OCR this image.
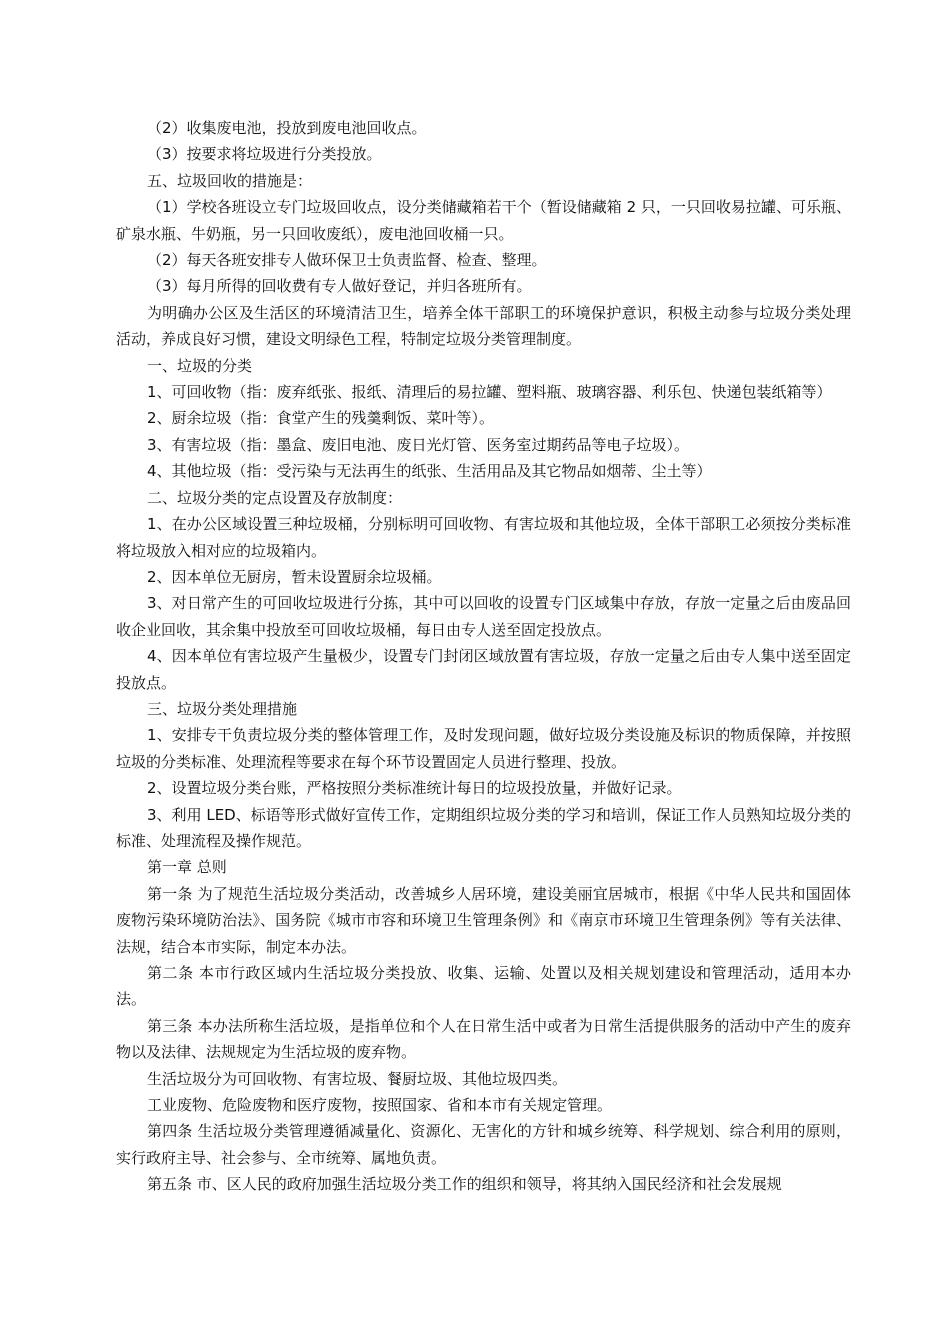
（2）收集废电池，投放到废电池回收点。

（3）按要求将垃圾进行分类投放。

五、垃圾回收的措施是：

（1）学校各班设立专门垃圾回收点，设分类储藏箱若干个（暂设储藏箱 2 只，一只回收易拉罐、可乐瓶、矿泉水瓶、牛奶瓶，另一只回收废纸），废电池回收桶一只。

（2）每天各班安排专人做环保卫士负责监督、检查、整理。

（3）每月所得的回收费有专人做好登记，并归各班所有。

为明确办公区及生活区的环境清洁卫生，培养全体干部职工的环境保护意识，积极主动参与垃圾分类处理活动，养成良好习惯，建设文明绿色工程，特制定垃圾分类管理制度。

一、垃圾的分类

1、可回收物（指：废弃纸张、报纸、清理后的易拉罐、塑料瓶、玻璃容器、利乐包、快递包装纸箱等）

2、厨余垃圾（指：食堂产生的残羹剩饭、菜叶等）。

3、有害垃圾（指：墨盒、废旧电池、废日光灯管、医务室过期药品等电子垃圾）。

4、其他垃圾（指：受污染与无法再生的纸张、生活用品及其它物品如烟蒂、尘土等）

二、垃圾分类的定点设置及存放制度：

1、在办公区域设置三种垃圾桶，分别标明可回收物、有害垃圾和其他垃圾，全体干部职工必须按分类标准将垃圾放入相对应的垃圾箱内。

2、因本单位无厨房，暂未设置厨余垃圾桶。

3、对日常产生的可回收垃圾进行分拣，其中可以回收的设置专门区域集中存放，存放一定量之后由废品回收企业回收，其余集中投放至可回收垃圾桶，每日由专人送至固定投放点。

4、因本单位有害垃圾产生量极少，设置专门封闭区域放置有害垃圾，存放一定量之后由专人集中送至固定投放点。

三、垃圾分类处理措施

1、安排专干负责垃圾分类的整体管理工作，及时发现问题，做好垃圾分类设施及标识的物质保障，并按照垃圾的分类标准、处理流程等要求在每个环节设置固定人员进行整理、投放。

2、设置垃圾分类台账，严格按照分类标准统计每日的垃圾投放量，并做好记录。

3、利用 LED、标语等形式做好宣传工作，定期组织垃圾分类的学习和培训，保证工作人员熟知垃圾分类的标准、处理流程及操作规范。

第一章 总则

第一条 为了规范生活垃圾分类活动，改善城乡人居环境，建设美丽宜居城市，根据《中华人民共和国固体废物污染环境防治法》、国务院《城市市容和环境卫生管理条例》和《南京市环境卫生管理条例》等有关法律、法规，结合本市实际，制定本办法。

第二条 本市行政区域内生活垃圾分类投放、收集、运输、处置以及相关规划建设和管理活动，适用本办法。

第三条 本办法所称生活垃圾，是指单位和个人在日常生活中或者为日常生活提供服务的活动中产生的废弃物以及法律、法规规定为生活垃圾的废弃物。

生活垃圾分为可回收物、有害垃圾、餐厨垃圾、其他垃圾四类。

工业废物、危险废物和医疗废物，按照国家、省和本市有关规定管理。

第四条 生活垃圾分类管理遵循减量化、资源化、无害化的方针和城乡统筹、科学规划、综合利用的原则，实行政府主导、社会参与、全市统筹、属地负责。

第五条 市、区人民的政府加强生活垃圾分类工作的组织和领导，将其纳入国民经济和社会发展规
